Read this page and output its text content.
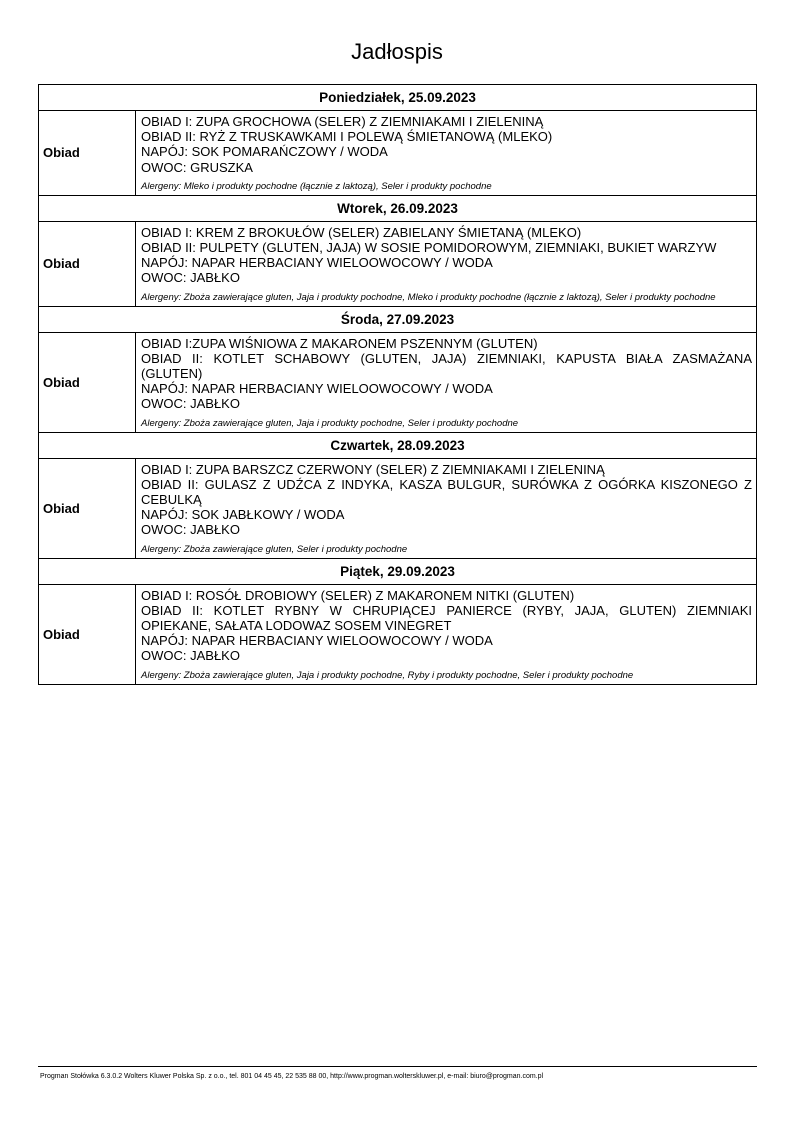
Jadłospis
Poniedziałek, 25.09.2023	
Obiad	OBIAD I: ZUPA GROCHOWA (SELER) Z ZIEMNIAKAMI I ZIELENINĄ
OBIAD II: RYŻ Z TRUSKAWKAMI I POLEWĄ ŚMIETANOWĄ (MLEKO)
NAPÓJ: SOK POMARAŃCZOWY / WODA
OWOC: GRUSZKA
Alergeny: Mleko i produkty pochodne (łącznie z laktozą), Seler i produkty pochodne

Wtorek, 26.09.2023	
Obiad	OBIAD I: KREM Z BROKUŁÓW (SELER) ZABIELANY ŚMIETANĄ (MLEKO)
OBIAD II: PULPETY (GLUTEN, JAJA) W SOSIE POMIDOROWYM, ZIEMNIAKI, BUKIET WARZYW
NAPÓJ: NAPAR HERBACIANY WIELOOWOCOWY / WODA
OWOC: JABŁKO
Alergeny: Zboża zawierające gluten, Jaja i produkty pochodne, Mleko i produkty pochodne (łącznie z laktozą), Seler i produkty pochodne

Środa, 27.09.2023	
Obiad	OBIAD I:ZUPA WIŚNIOWA Z MAKARONEM PSZENNYM (GLUTEN)
OBIAD II: KOTLET SCHABOWY (GLUTEN, JAJA) ZIEMNIAKI, KAPUSTA BIAŁA ZASMAŻANA (GLUTEN)
NAPÓJ: NAPAR HERBACIANY WIELOOWOCOWY / WODA
OWOC: JABŁKO
Alergeny: Zboża zawierające gluten, Jaja i produkty pochodne, Seler i produkty pochodne

Czwartek, 28.09.2023	
Obiad	OBIAD I: ZUPA BARSZCZ CZERWONY (SELER) Z ZIEMNIAKAMI I ZIELENINĄ
OBIAD II: GULASZ Z UDŹCA Z INDYKA, KASZA BULGUR, SURÓWKA Z OGÓRKA KISZONEGO Z CEBULKĄ
NAPÓJ: SOK JABŁKOWY / WODA
OWOC: JABŁKO
Alergeny: Zboża zawierające gluten, Seler i produkty pochodne

Piątek, 29.09.2023	
Obiad	OBIAD I: ROSÓŁ DROBIOWY (SELER) Z MAKARONEM NITKI (GLUTEN)
OBIAD II: KOTLET RYBNY W CHRUPIĄCEJ PANIERCE (RYBY, JAJA, GLUTEN) ZIEMNIAKI OPIEKANE, SAŁATA LODOWAZ SOSEM VINEGRET
NAPÓJ: NAPAR HERBACIANY WIELOOWOCOWY / WODA
OWOC: JABŁKO
Alergeny: Zboża zawierające gluten, Jaja i produkty pochodne, Ryby i produkty pochodne, Seler i produkty pochodne
Progman Stołówka 6.3.0.2 Wolters Kluwer Polska Sp. z o.o., tel. 801 04 45 45, 22 535 88 00, http://www.progman.wolterskluwer.pl, e-mail: biuro@progman.com.pl
